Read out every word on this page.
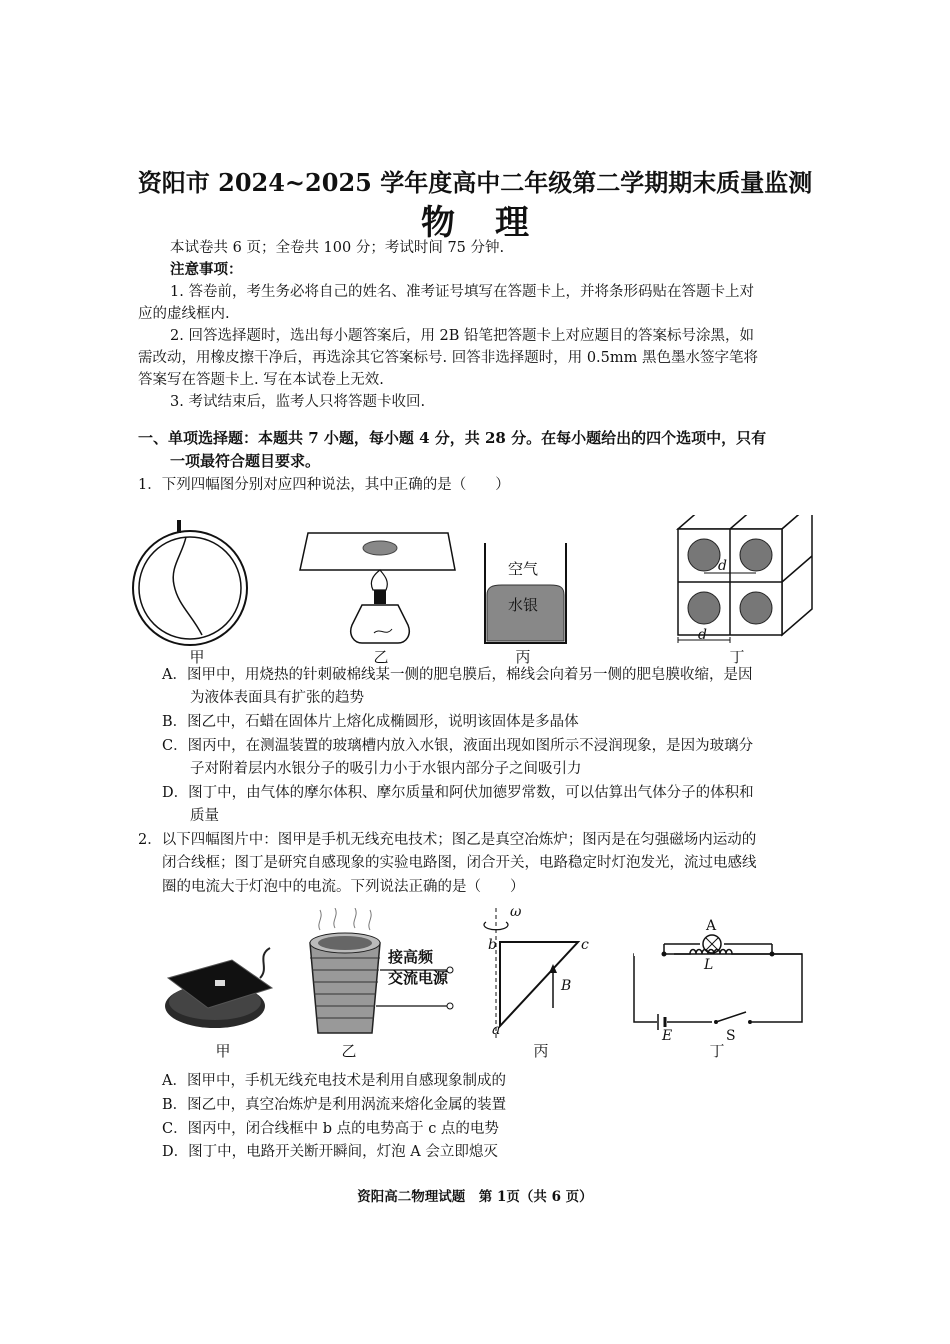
资阳市 2024~2025 学年度高中二年级第二学期期末质量监测
物理
本试卷共 6 页；全卷共 100 分；考试时间 75 分钟.
注意事项：
1. 答卷前，考生务必将自己的姓名、准考证号填写在答题卡上，并将条形码贴在答题卡上对
应的虚线框内.
2. 回答选择题时，选出每小题答案后，用 2B 铅笔把答题卡上对应题目的答案标号涂黑，如
需改动，用橡皮擦干净后，再选涂其它答案标号. 回答非选择题时，用 0.5mm 黑色墨水签字笔将
答案写在答题卡上. 写在本试卷上无效.
3. 考试结束后，监考人只将答题卡收回.
一、单项选择题：本题共 7 小题，每小题 4 分，共 28 分。在每小题给出的四个选项中，只有
一项最符合题目要求。
1．下列四幅图分别对应四种说法，其中正确的是（　　）
空气
水银
d
d
甲	乙	丙	丁
A．图甲中，用烧热的针刺破棉线某一侧的肥皂膜后，棉线会向着另一侧的肥皂膜收缩，是因
为液体表面具有扩张的趋势
B．图乙中，石蜡在固体片上熔化成椭圆形，说明该固体是多晶体
C．图丙中，在测温装置的玻璃槽内放入水银，液面出现如图所示不浸润现象，是因为玻璃分
子对附着层内水银分子的吸引力小于水银内部分子之间吸引力
D．图丁中，由气体的摩尔体积、摩尔质量和阿伏加德罗常数，可以估算出气体分子的体积和
质量
2．以下四幅图片中：图甲是手机无线充电技术；图乙是真空冶炼炉；图丙是在匀强磁场内运动的
闭合线框；图丁是研究自感现象的实验电路图，闭合开关，电路稳定时灯泡发光，流过电感线
圈的电流大于灯泡中的电流。下列说法正确的是（　　）
接高频
交流电源
ω
b	c
a
B
A
L
E	S
甲	乙	丙	丁
A．图甲中，手机无线充电技术是利用自感现象制成的
B．图乙中，真空冶炼炉是利用涡流来熔化金属的装置
C．图丙中，闭合线框中 b 点的电势高于 c 点的电势
D．图丁中，电路开关断开瞬间，灯泡 A 会立即熄灭
资阳高二物理试题　第 1页（共 6 页）
